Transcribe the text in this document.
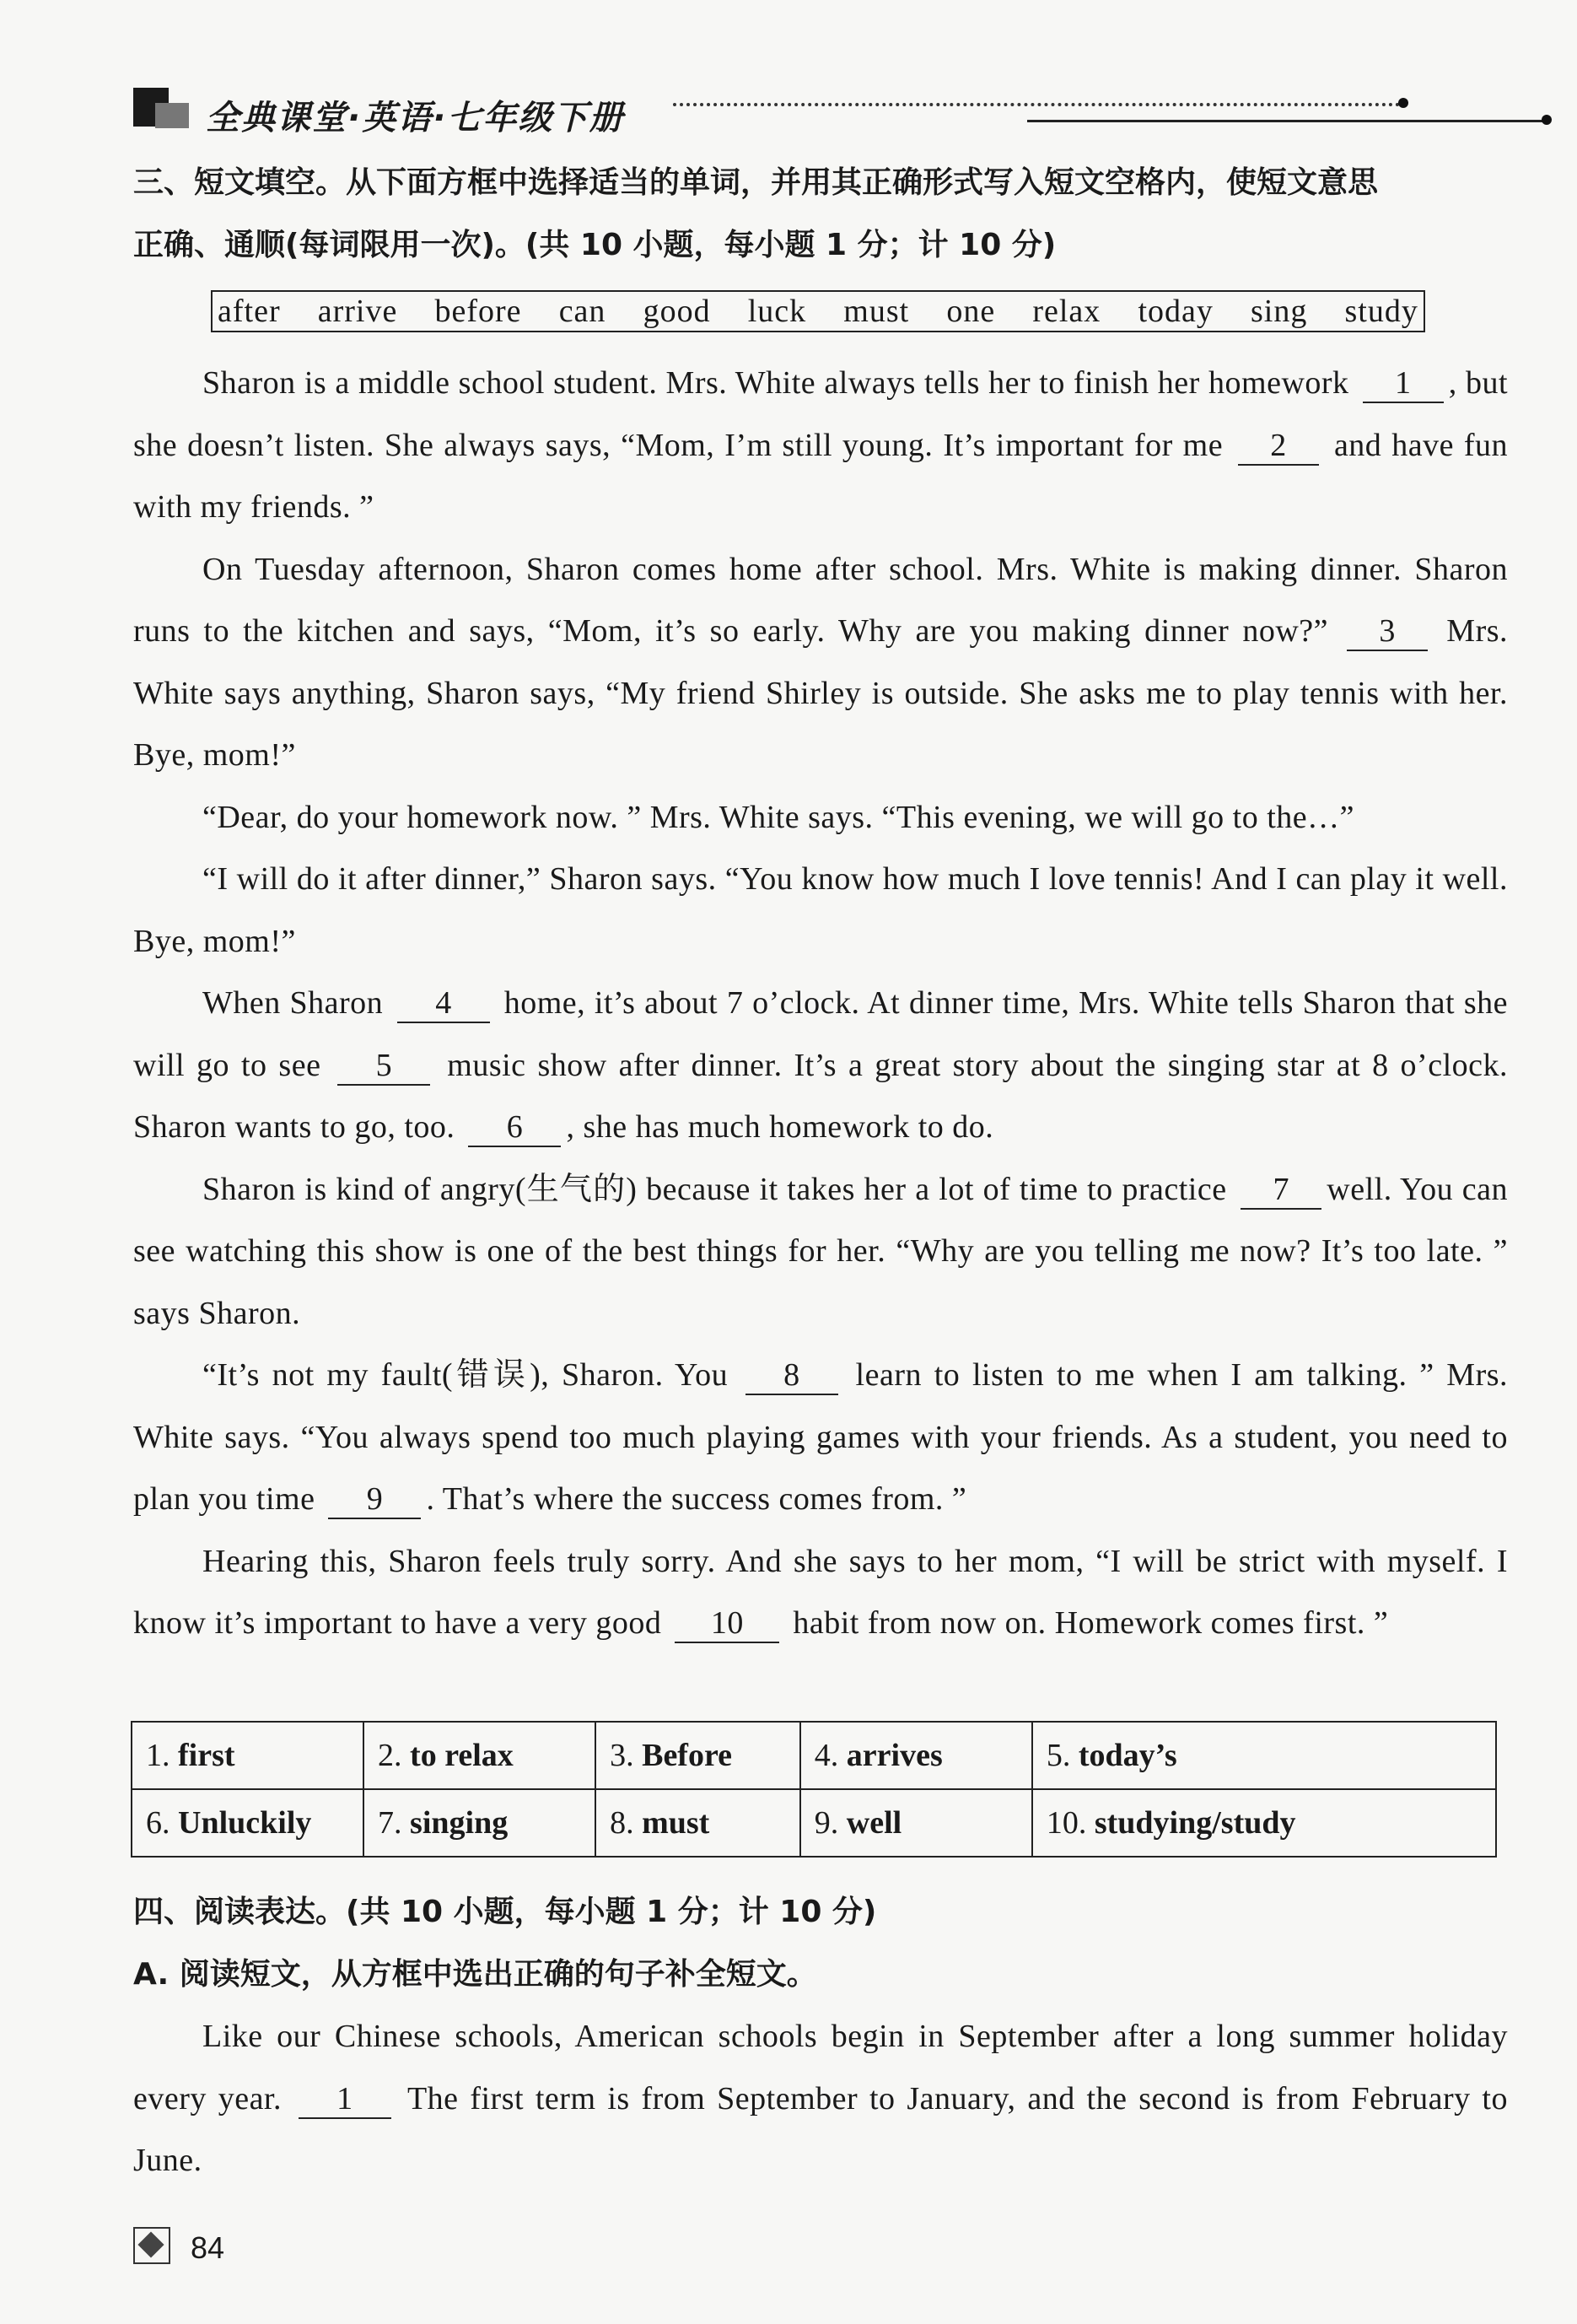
全典课堂·英语·七年级下册
三、短文填空。从下面方框中选择适当的单词，并用其正确形式写入短文空格内，使短文意思
正确、通顺(每词限用一次)。(共 10 小题，每小题 1 分；计 10 分)
after arrive before can good luck must one relax today sing study

Sharon is a middle school student. Mrs. White always tells her to finish her homework 1 , but she doesn’t listen. She always says, “Mom, I’m still young. It’s important for me 2 and have fun with my friends. ”

On Tuesday afternoon, Sharon comes home after school. Mrs. White is making dinner. Sharon runs to the kitchen and says, “Mom, it’s so early. Why are you making dinner now?” 3 Mrs. White says anything, Sharon says, “My friend Shirley is outside. She asks me to play tennis with her. Bye, mom!”

“Dear, do your homework now. ” Mrs. White says. “This evening, we will go to the…”

“I will do it after dinner,” Sharon says. “You know how much I love tennis! And I can play it well. Bye, mom!”

When Sharon 4 home, it’s about 7 o’clock. At dinner time, Mrs. White tells Sharon that she will go to see 5 music show after dinner. It’s a great story about the singing star at 8 o’clock. Sharon wants to go, too. 6 , she has much homework to do.

Sharon is kind of angry(生气的) because it takes her a lot of time to practice 7 well. You can see watching this show is one of the best things for her. “Why are you telling me now? It’s too late. ” says Sharon.

“It’s not my fault(错误), Sharon. You 8 learn to listen to me when I am talking. ” Mrs. White says. “You always spend too much playing games with your friends. As a student, you need to plan you time 9 . That’s where the success comes from. ”

Hearing this, Sharon feels truly sorry. And she says to her mom, “I will be strict with myself. I know it’s important to have a very good 10 habit from now on. Homework comes first. ”

1. first	2. to relax	3. Before	4. arrives	5. today’s
6. Unluckily	7. singing	8. must	9. well	10. studying/study
四、阅读表达。(共 10 小题，每小题 1 分；计 10 分)
A. 阅读短文，从方框中选出正确的句子补全短文。

Like our Chinese schools, American schools begin in September after a long summer holiday every year. 1 The first term is from September to January, and the second is from February to June.

84
